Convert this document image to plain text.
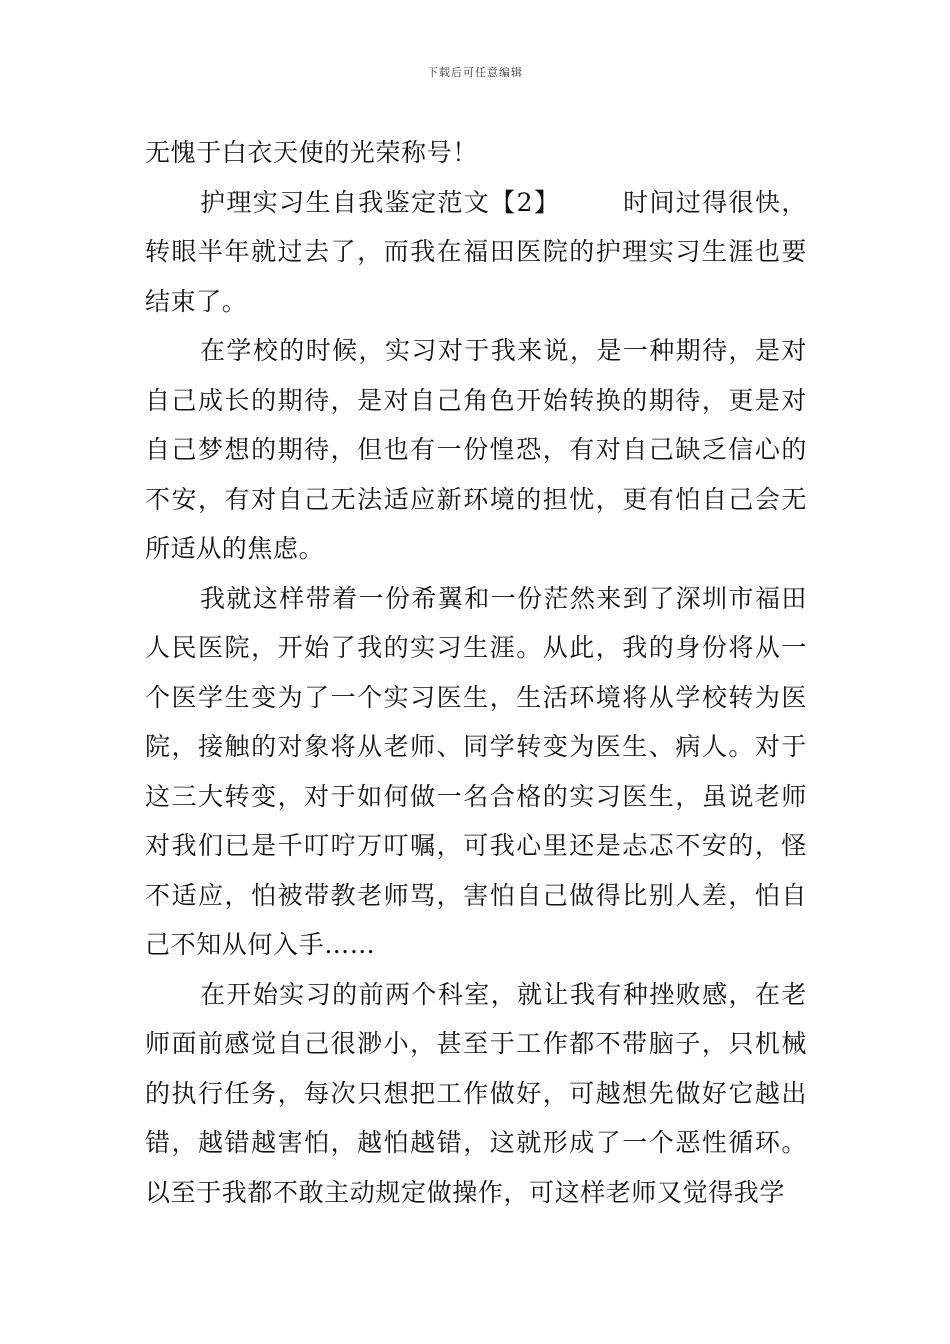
下载后可任意编辑

无愧于白衣天使的光荣称号！

护理实习生自我鉴定范文【2】 时间过得很快，转眼半年就过去了，而我在福田医院的护理实习生涯也要结束了。

在学校的时候，实习对于我来说，是一种期待，是对自己成长的期待，是对自己角色开始转换的期待，更是对自己梦想的期待，但也有一份惶恐，有对自己缺乏信心的不安，有对自己无法适应新环境的担忧，更有怕自己会无所适从的焦虑。

我就这样带着一份希翼和一份茫然来到了深圳市福田人民医院，开始了我的实习生涯。从此，我的身份将从一个医学生变为了一个实习医生，生活环境将从学校转为医院，接触的对象将从老师、同学转变为医生、病人。对于这三大转变，对于如何做一名合格的实习医生，虽说老师对我们已是千叮咛万叮嘱，可我心里还是忐忑不安的，怪不适应，怕被带教老师骂，害怕自己做得比别人差，怕自己不知从何入手……

在开始实习的前两个科室，就让我有种挫败感，在老师面前感觉自己很渺小，甚至于工作都不带脑子，只机械的执行任务，每次只想把工作做好，可越想先做好它越出错，越错越害怕，越怕越错，这就形成了一个恶性循环。以至于我都不敢主动规定做操作，可这样老师又觉得我学
